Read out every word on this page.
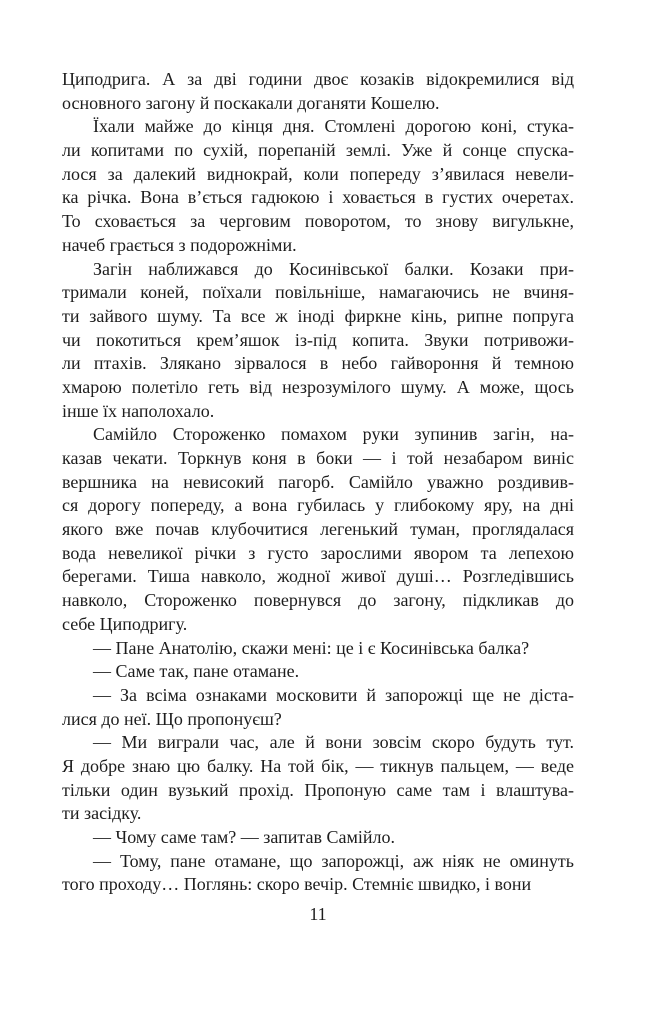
Циподрига. А за дві години двоє козаків відокремилися від
основного загону й поскакали доганяти Кошелю.
Їхали майже до кінця дня. Стомлені дорогою коні, стука-
ли копитами по сухій, порепаній землі. Уже й сонце спуска-
лося за далекий виднокрай, коли попереду з’явилася невели-
ка річка. Вона в’ється гадюкою і ховається в густих очеретах.
То сховається за черговим поворотом, то знову вигулькне,
начеб грається з подорожніми.
Загін наближався до Косинівської балки. Козаки при-
тримали коней, поїхали повільніше, намагаючись не вчиня-
ти зайвого шуму. Та все ж іноді фиркне кінь, рипне попруга
чи покотиться крем’яшок із-під копита. Звуки потривожи-
ли птахів. Злякано зірвалося в небо гайвороння й темною
хмарою полетіло геть від незрозумілого шуму. А може, щось
інше їх наполохало.
Самійло Стороженко помахом руки зупинив загін, на-
казав чекати. Торкнув коня в боки — і той незабаром виніс
вершника на невисокий пагорб. Самійло уважно роздивив-
ся дорогу попереду, а вона губилась у глибокому яру, на дні
якого вже почав клубочитися легенький туман, проглядалася
вода невеликої річки з густо зарослими явором та лепехою
берегами. Тиша навколо, жодної живої душі… Розгледівшись
навколо, Стороженко повернувся до загону, підкликав до
себе Циподригу.
— Пане Анатолію, скажи мені: це і є Косинівська балка?
— Саме так, пане отамане.
— За всіма ознаками московити й запорожці ще не діста-
лися до неї. Що пропонуєш?
— Ми виграли час, але й вони зовсім скоро будуть тут.
Я добре знаю цю балку. На той бік, — тикнув пальцем, — веде
тільки один вузький прохід. Пропоную саме там і влаштува-
ти засідку.
— Чому саме там? — запитав Самійло.
— Тому, пане отамане, що запорожці, аж ніяк не оминуть
того проходу… Поглянь: скоро вечір. Стемніє швидко, і вони
11
